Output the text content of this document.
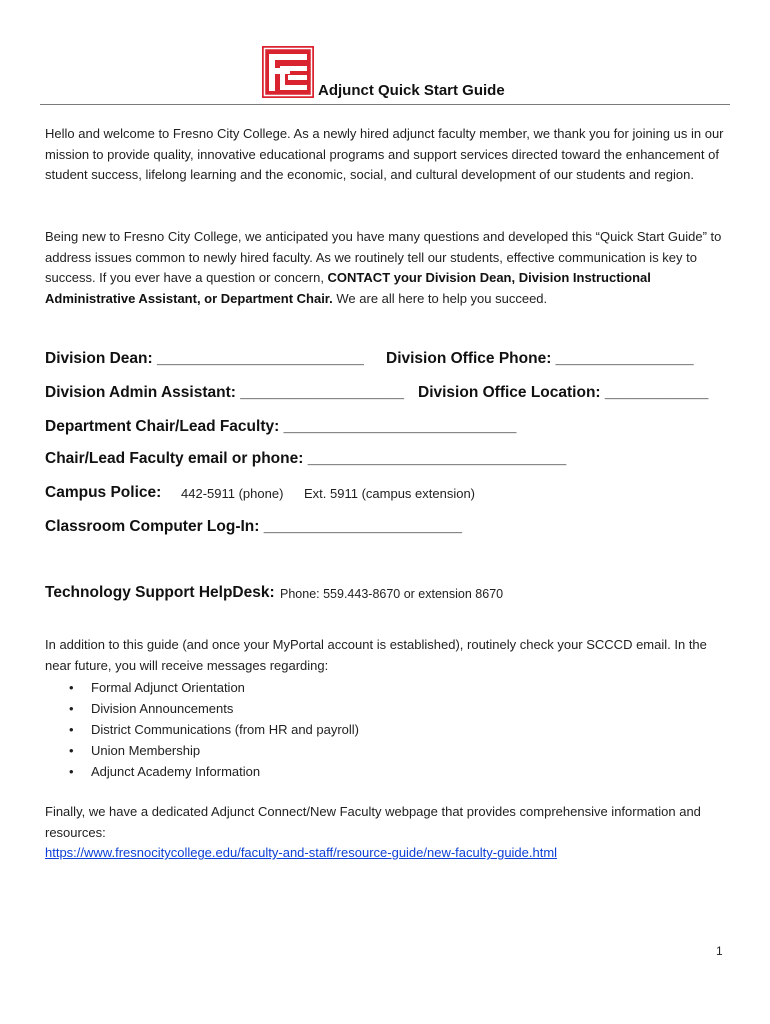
Adjunct Quick Start Guide
Hello and welcome to Fresno City College. As a newly hired adjunct faculty member, we thank you for joining us in our mission to provide quality, innovative educational programs and support services directed toward the enhancement of student success, lifelong learning and the economic, social, and cultural development of our students and region.
Being new to Fresno City College, we anticipated you have many questions and developed this “Quick Start Guide” to address issues common to newly hired faculty. As we routinely tell our students, effective communication is key to success. If you ever have a question or concern, CONTACT your Division Dean, Division Instructional Administrative Assistant, or Department Chair. We are all here to help you succeed.
Division Dean: ________________________ Division Office Phone: ________________
Division Admin Assistant: ___________________ Division Office Location: ____________
Department Chair/Lead Faculty: ___________________________
Chair/Lead Faculty email or phone: ______________________________
Campus Police: 442-5911 (phone) Ext. 5911 (campus extension)
Classroom Computer Log-In: _______________________
Technology Support HelpDesk: Phone: 559.443-8670 or extension 8670
In addition to this guide (and once your MyPortal account is established), routinely check your SCCCD email. In the near future, you will receive messages regarding:
• Formal Adjunct Orientation
• Division Announcements
• District Communications (from HR and payroll)
• Union Membership
• Adjunct Academy Information
Finally, we have a dedicated Adjunct Connect/New Faculty webpage that provides comprehensive information and resources:
https://www.fresnocitycollege.edu/faculty-and-staff/resource-guide/new-faculty-guide.html
1
